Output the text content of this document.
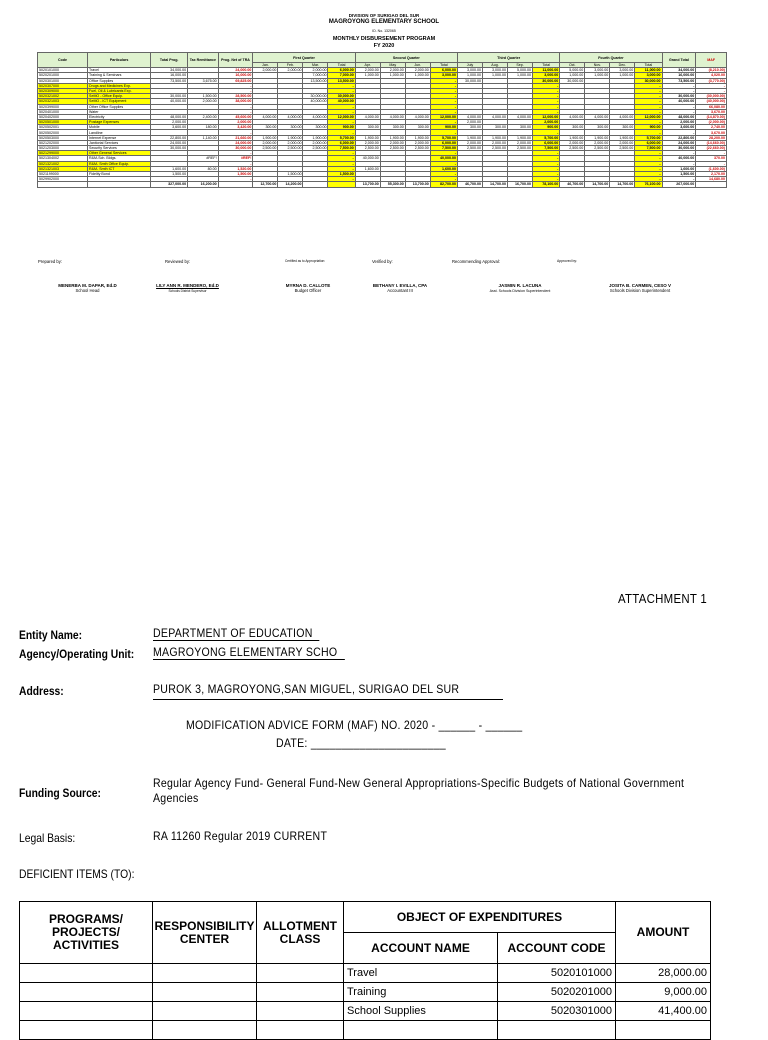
DIVISION OF SURIGAO DEL SUR
MAGROYONG ELEMENTARY SCHOOL
ID. No. 132065
MONTHLY DISBURSEMENT PROGRAM
FY 2020
Code	Particulars	Total Prog.	Tax Remittance	Prog. Net of TRA	First Quarter				Second Quarter				Third Quarter				Fourth Quarter				Grand Total	MAF
					Jan.	Feb.	Mar.	Total	Apr.	May	Jun.	Total	July	Aug.	Sep.	Total	Oct.	Nov.	Dec.	Total		
5020101000	Travel	34,000.00		24,000.00	2,000.00	2,000.00	2,000.00	6,000.00	2,000.00	2,000.00	2,000.00	6,000.00	3,000.00	3,000.00	5,000.00	11,000.00	5,000.00	3,000.00	3,000.00	11,000.00	34,000.00	(8,210.00)
5020201000	Training & Seminars	16,000.00		16,000.00			7,000.00	7,000.00	1,000.00	1,000.00	1,000.00	3,000.00	1,000.00	1,000.00	1,000.00	3,000.00	1,000.00	1,000.00	1,000.00	3,000.00	16,000.00	4,020.00
5020301000	Office Supplies	73,500.00	3,675.00	69,825.00			13,500.00	13,500.00				-	30,000.00			30,000.00	30,000.00			30,000.00	73,500.00	(3,770.00)
5020307000	Drugs and Medicines Exp.			-				-				-				-				-	-	-
5020309000	Fuel, Oil & Lubricants Exp.			-				-				-				-				-	-	-
5020321002	SeMO - Office Equip.	30,000.00	1,500.00	28,500.00			30,000.00	30,000.00				-				-				-	30,000.00	(30,000.00)
5020321003	SeMO - ICT Equipment	40,000.00	2,000.00	38,000.00			40,000.00	40,000.00				-				-				-	40,000.00	(40,000.00)
5020399000	Other Office Supplies			-				-				-				-				-	-	66,080.00
5020401000	Water			-				-				-				-				-	-	3,670.00
5020402000	Electricity	48,000.00	2,400.00	45,600.00	4,000.00	4,000.00	4,000.00	12,000.00	4,000.00	4,000.00	4,000.00	12,000.00	4,000.00	4,000.00	4,000.00	12,000.00	4,000.00	4,000.00	4,000.00	12,000.00	48,000.00	(14,870.00)
5020501000	Postage Expenses	2,000.00		2,000.00				-				-	2,000.00			2,000.00				-	2,000.00	(2,000.00)
5020502001	Mobile	3,600.00	180.00	3,420.00	300.00	300.00	300.00	900.00	300.00	300.00	300.00	900.00	300.00	300.00	300.00	900.00	300.00	300.00	300.00	900.00	3,600.00	2,740.00
5020502000	Landline			-				-				-				-				-	-	3,670.00
5020503000	Internet Expense	22,800.00	1,140.00	21,660.00	1,900.00	1,900.00	1,900.00	5,700.00	1,900.00	1,900.00	1,900.00	5,700.00	1,900.00	1,900.00	1,900.00	5,700.00	1,900.00	1,900.00	1,900.00	5,700.00	22,800.00	28,200.00
5021202000	Janitorial Services	24,000.00		24,000.00	2,000.00	2,000.00	2,000.00	6,000.00	2,000.00	2,000.00	2,000.00	6,000.00	2,000.00	2,000.00	2,000.00	6,000.00	2,000.00	2,000.00	2,000.00	6,000.00	24,000.00	(14,660.00)
5021203000	Security Services	30,000.00		30,000.00	2,500.00	2,500.00	2,500.00	7,500.00	2,500.00	2,500.00	2,500.00	7,500.00	2,500.00	2,500.00	2,500.00	7,500.00	2,500.00	2,500.00	2,500.00	7,500.00	30,000.00	(22,660.00)
5021299000	Other General Services			-				-				-				-				-	-	-
5021304002	R&M-Sch. Bldgs.		#REF!	#REF!				-	40,000.00			40,000.00				-				-	40,000.00	370.00
5021321002	R&M- Smth Office Equip.			-				-				-				-				-	-	-
5021321003	R&M- Smth ICT	1,600.00	80.00	1,520.00				-	1,600.00			1,600.00				-				-	1,600.00	(1,600.00)
5021199000	Fidelity Bond	1,500.00		1,500.00		1,500.00		1,500.00				-				-				-	1,500.00	2,170.00
5029902000				-				-				-				-				-	-	14,680.00
		327,000.00	16,200.00		12,700.00	14,200.00			13,700.00	55,300.00	13,700.00	82,700.00	46,700.00	14,700.00	16,700.00	78,100.00	46,700.00	14,700.00	14,700.00	76,100.00	267,000.00	
Prepared by:	Reviewed by:	Certified as to Appropriation:	Verified by:	Recommending Approval:	Approved by:
MENERBA M. DAPAR, Ed.D
School Head
LILY ANN R. MENDERO, Ed.D
Schools District Supervisor
MYRNA D. CALLOTE
Budget Officer
BETHANY I. EVILLA, CPA
Accountant III
JASMIN R. LACUNA
Asst. Schools Division Superintendent
JOSITA B. CARMEN, CESO V
Schools Division Superintendent
ATTACHMENT 1
Entity Name:	DEPARTMENT OF EDUCATION
Agency/Operating Unit: MAGROYONG ELEMENTARY SCHO
Address:	PUROK 3, MAGROYONG,SAN MIGUEL, SURIGAO DEL SUR
MODIFICATION ADVICE FORM (MAF) NO. 2020 - ______ - ______
DATE: ______________________
Funding Source:
Regular Agency Fund- General Fund-New General Appropriations-Specific Budgets of National Government Agencies
Legal Basis:	RA 11260 Regular 2019 CURRENT
DEFICIENT ITEMS (TO):
PROGRAMS/ PROJECTS/ ACTIVITIES	RESPONSIBILITY CENTER	ALLOTMENT CLASS	OBJECT OF EXPENDITURES		AMOUNT
			ACCOUNT NAME	ACCOUNT CODE	
			Travel	5020101000	28,000.00
			Training	5020201000	9,000.00
			School Supplies	5020301000	41,400.00
